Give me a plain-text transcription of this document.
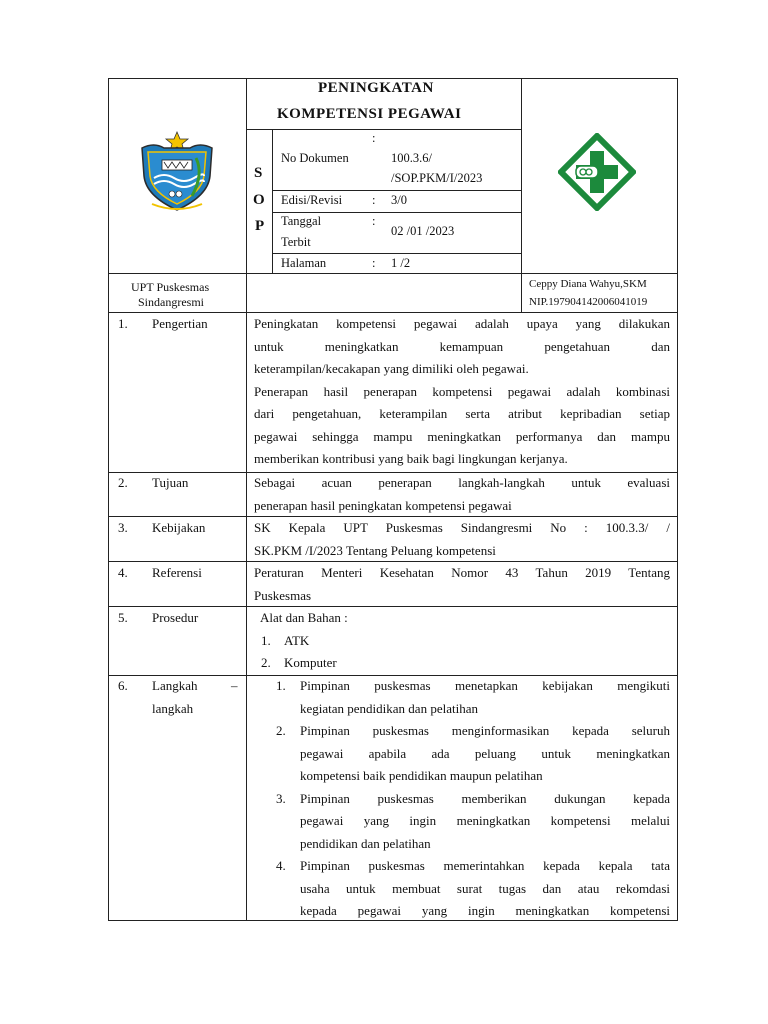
PENINGKATAN
KOMPETENSI PEGAWAI
S
O
P
:
No Dokumen	100.3.6/
/SOP.PKM/I/2023
Edisi/Revisi : 3/0
Tanggal	:
Terbit
02 /01 /2023
Halaman	: 1 /2
UPT Puskesmas
Sindangresmi
Ceppy Diana Wahyu,SKM
NIP.197904142006041019
1. Pengertian	Peningkatan kompetensi pegawai adalah upaya yang dilakukan
untuk meningkatkan kemampuan pengetahuan dan
keterampilan/kecakapan yang dimiliki oleh pegawai.
Penerapan hasil penerapan kompetensi pegawai adalah kombinasi
dari pengetahuan, keterampilan serta atribut kepribadian setiap
pegawai sehingga mampu meningkatkan performanya dan mampu
memberikan kontribusi yang baik bagi lingkungan kerjanya.
2. Tujuan	Sebagai acuan penerapan langkah-langkah untuk evaluasi
penerapan hasil peningkatan kompetensi pegawai
3. Kebijakan	SK Kepala UPT Puskesmas Sindangresmi No : 100.3.3/ /
SK.PKM /I/2023 Tentang Peluang kompetensi
4. Referensi	Peraturan Menteri Kesehatan Nomor 43 Tahun 2019 Tentang
Puskesmas
5. Prosedur	Alat dan Bahan :
1. ATK
2. Komputer
6. Langkah	–
langkah
1. Pimpinan puskesmas menetapkan kebijakan mengikuti
kegiatan pendidikan dan pelatihan
2. Pimpinan puskesmas menginformasikan kepada seluruh
pegawai apabila ada peluang untuk meningkatkan
kompetensi baik pendidikan maupun pelatihan
3. Pimpinan puskesmas memberikan dukungan kepada
pegawai yang ingin meningkatkan kompetensi melalui
pendidikan dan pelatihan
4. Pimpinan puskesmas memerintahkan kepada kepala tata
usaha untuk membuat surat tugas dan atau rekomdasi
kepada pegawai yang ingin meningkatkan kompetensi
